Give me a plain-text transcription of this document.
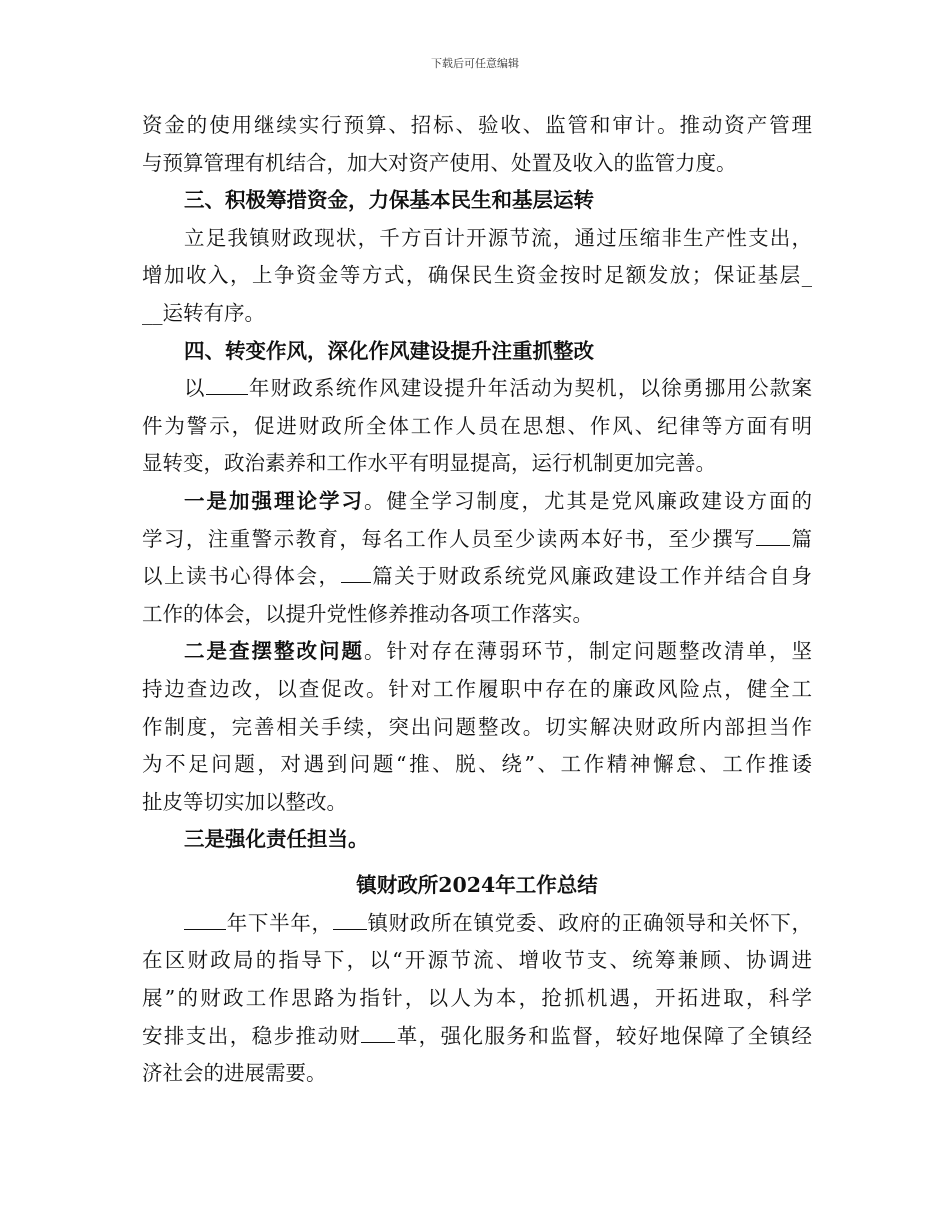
下载后可任意编辑
资金的使用继续实行预算、招标、验收、监管和审计。推动资产管理
与预算管理有机结合，加大对资产使用、处置及收入的监管力度。
三、积极筹措资金，力保基本民生和基层运转
立足我镇财政现状，千方百计开源节流，通过压缩非生产性支出，
增加收入，上争资金等方式，确保民生资金按时足额发放；保证基层_
__运转有序。
四、转变作风，深化作风建设提升注重抓整改
以 年财政系统作风建设提升年活动为契机，以徐勇挪用公款案
件为警示，促进财政所全体工作人员在思想、作风、纪律等方面有明
显转变，政治素养和工作水平有明显提高，运行机制更加完善。
一是加强理论学习。健全学习制度，尤其是党风廉政建设方面的
学习，注重警示教育，每名工作人员至少读两本好书，至少撰写 篇
以上读书心得体会， 篇关于财政系统党风廉政建设工作并结合自身
工作的体会，以提升党性修养推动各项工作落实。
二是查摆整改问题。针对存在薄弱环节，制定问题整改清单，坚
持边查边改，以查促改。针对工作履职中存在的廉政风险点，健全工
作制度，完善相关手续，突出问题整改。切实解决财政所内部担当作
为不足问题，对遇到问题“推、脱、绕”、工作精神懈怠、工作推诿
扯皮等切实加以整改。
三是强化责任担当。
镇财政所2024年工作总结
年下半年， 镇财政所在镇党委、政府的正确领导和关怀下，
在区财政局的指导下，以“开源节流、增收节支、统筹兼顾、协调进
展”的财政工作思路为指针，以人为本，抢抓机遇，开拓进取，科学
安排支出，稳步推动财 革，强化服务和监督，较好地保障了全镇经
济社会的进展需要。
